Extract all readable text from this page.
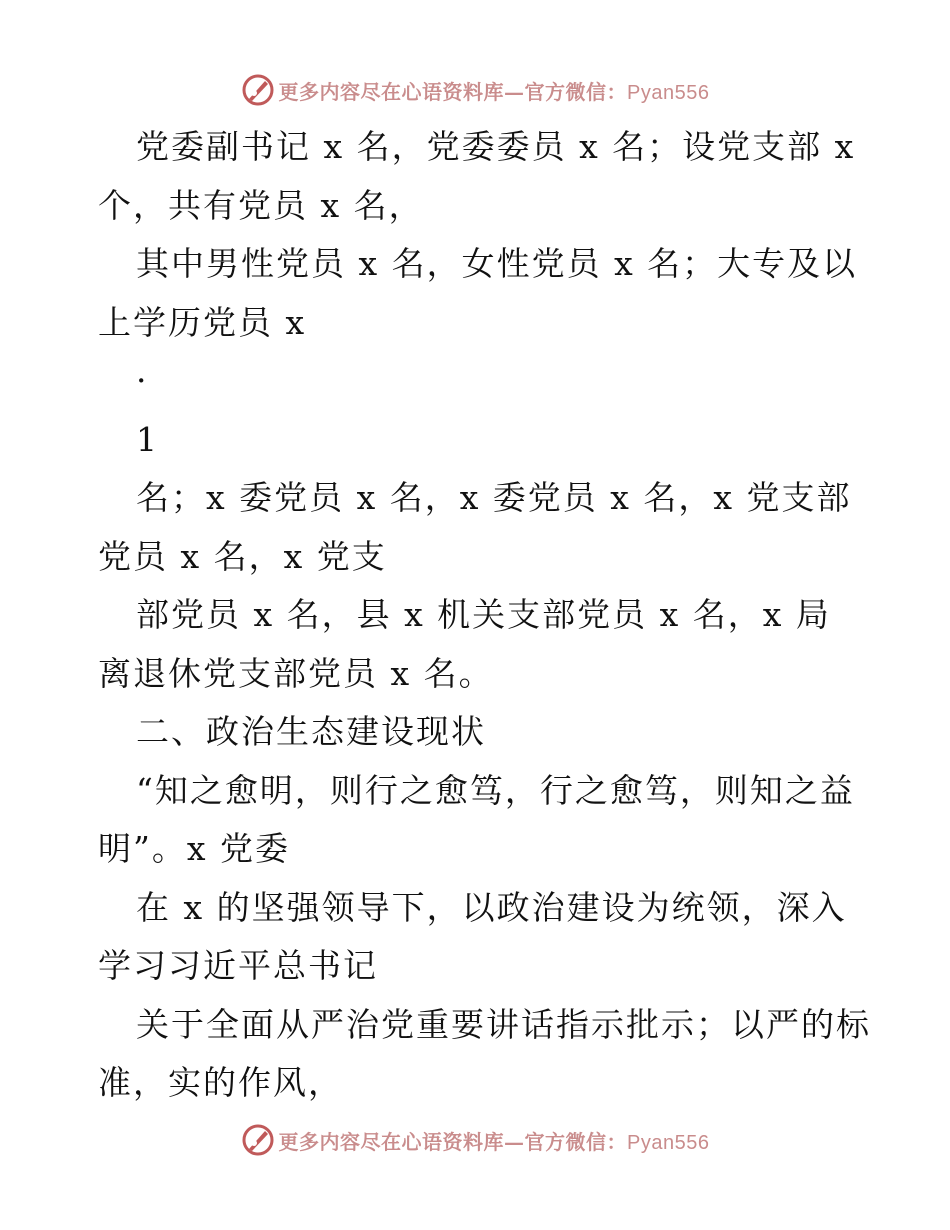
更多内容尽在心语资料库—官方微信：Pyan556
党委副书记 x 名，党委委员 x 名；设党支部 x
个，共有党员 x 名，
其中男性党员 x 名，女性党员 x 名；大专及以
上学历党员 x
·
1
名；x 委党员 x 名，x 委党员 x 名，x 党支部
党员 x 名，x 党支
部党员 x 名，县 x 机关支部党员 x 名，x 局
离退休党支部党员 x 名。
二、政治生态建设现状
“知之愈明，则行之愈笃，行之愈笃，则知之益
明”。x 党委
在 x 的坚强领导下，以政治建设为统领，深入
学习习近平总书记
关于全面从严治党重要讲话指示批示；以严的标
准，实的作风，
更多内容尽在心语资料库—官方微信：Pyan556
